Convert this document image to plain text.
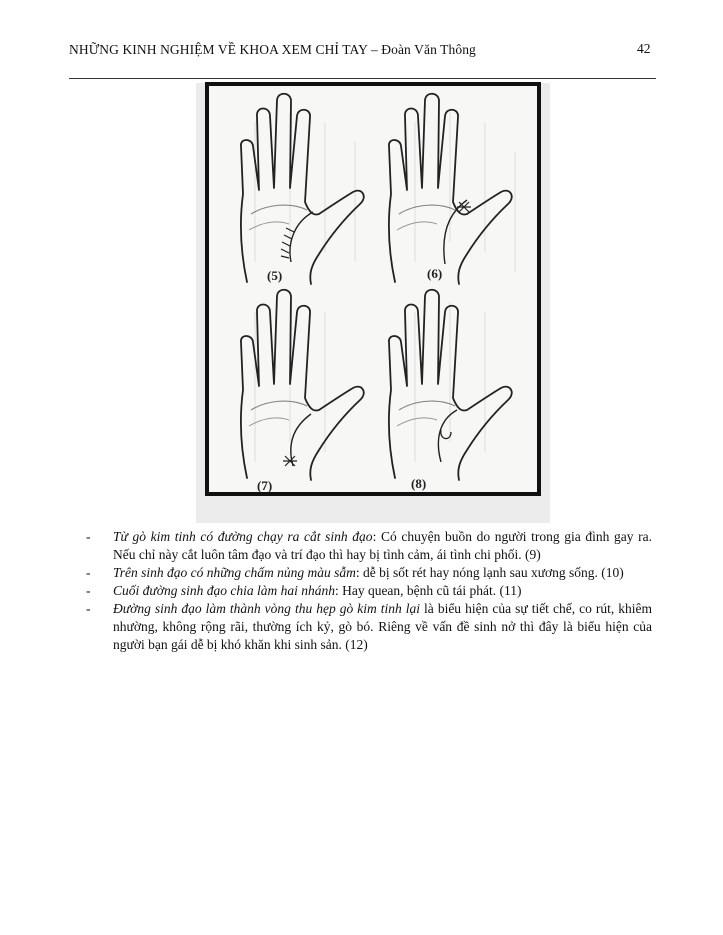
NHỮNG KINH NGHIỆM VỀ KHOA XEM CHỈ TAY – Đoàn Văn Thông	42
(5)	(6)
(7)	(8)
- Từ gò kim tinh có đường chạy ra cắt sinh đạo: Có chuyện buồn do người trong gia đình gay ra. Nếu chỉ này cắt luôn tâm đạo và trí đạo thì hay bị tình cảm, ái tình chi phối. (9)
- Trên sinh đạo có những chấm nủng màu sẫm: dễ bị sốt rét hay nóng lạnh sau xương sống. (10)
- Cuối đường sinh đạo chia làm hai nhánh: Hay quean, bệnh cũ tái phát. (11)
- Đường sinh đạo làm thành vòng thu hẹp gò kim tinh lại là biểu hiện của sự tiết chế, co rút, khiêm nhường, không rộng rãi, thường ích kỷ, gò bó. Riêng về vấn đề sinh nở thì đây là biểu hiện của người bạn gái dễ bị khó khăn khi sinh sản. (12)
